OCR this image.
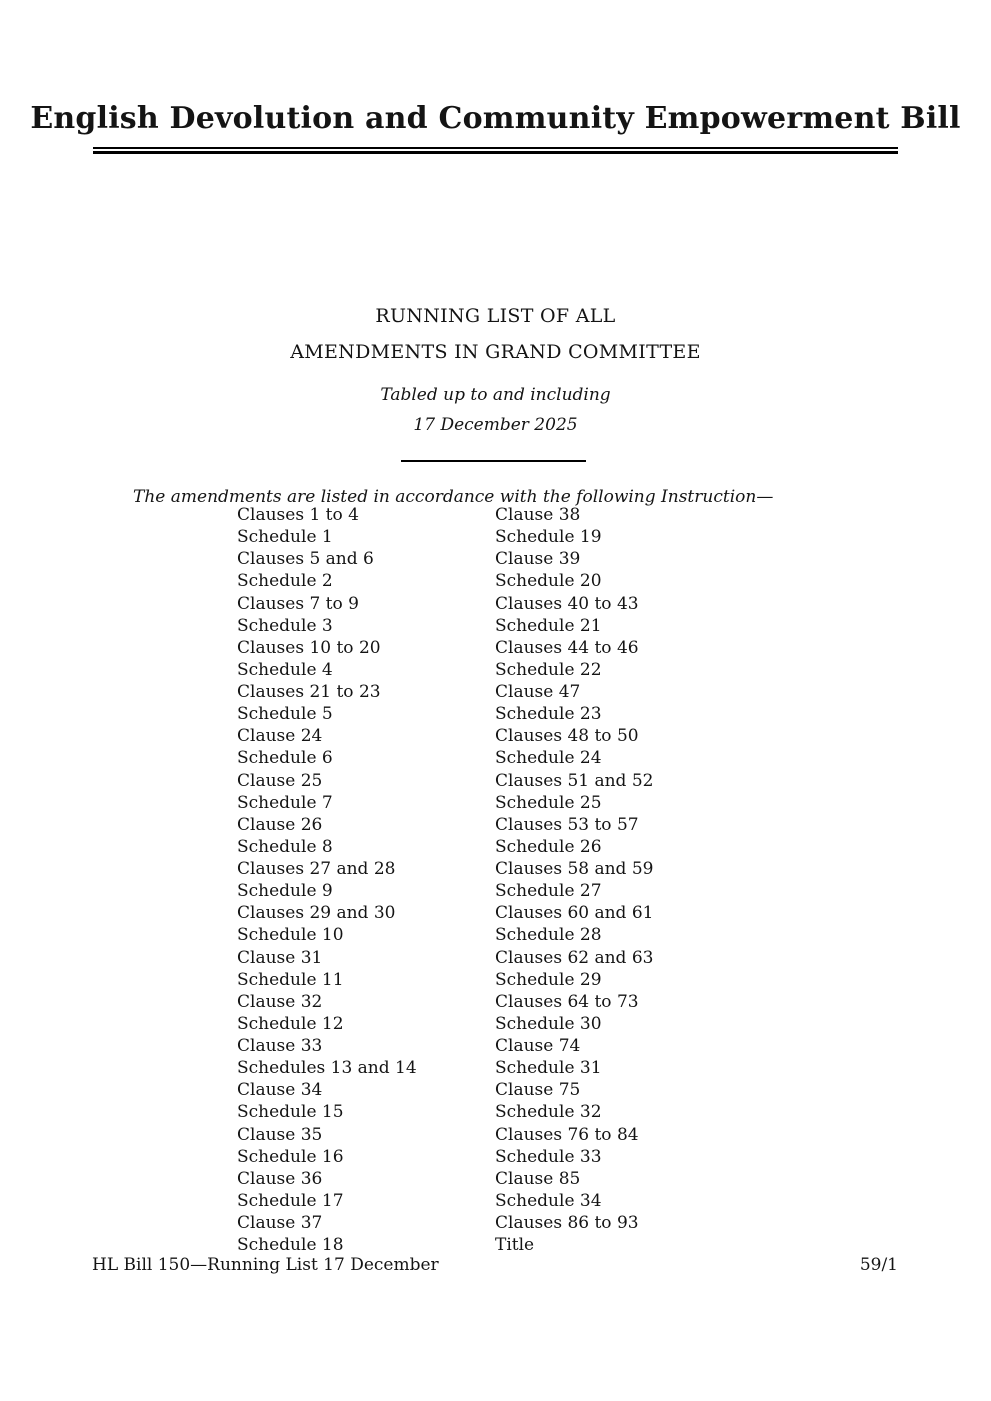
English Devolution and Community Empowerment Bill
RUNNING LIST OF ALL
AMENDMENTS IN GRAND COMMITTEE
Tabled up to and including
17 December 2025
The amendments are listed in accordance with the following Instruction—
Clauses 1 to 4
Schedule 1
Clauses 5 and 6
Schedule 2
Clauses 7 to 9
Schedule 3
Clauses 10 to 20
Schedule 4
Clauses 21 to 23
Schedule 5
Clause 24
Schedule 6
Clause 25
Schedule 7
Clause 26
Schedule 8
Clauses 27 and 28
Schedule 9
Clauses 29 and 30
Schedule 10
Clause 31
Schedule 11
Clause 32
Schedule 12
Clause 33
Schedules 13 and 14
Clause 34
Schedule 15
Clause 35
Schedule 16
Clause 36
Schedule 17
Clause 37
Schedule 18
Clause 38
Schedule 19
Clause 39
Schedule 20
Clauses 40 to 43
Schedule 21
Clauses 44 to 46
Schedule 22
Clause 47
Schedule 23
Clauses 48 to 50
Schedule 24
Clauses 51 and 52
Schedule 25
Clauses 53 to 57
Schedule 26
Clauses 58 and 59
Schedule 27
Clauses 60 and 61
Schedule 28
Clauses 62 and 63
Schedule 29
Clauses 64 to 73
Schedule 30
Clause 74
Schedule 31
Clause 75
Schedule 32
Clauses 76 to 84
Schedule 33
Clause 85
Schedule 34
Clauses 86 to 93
Title
HL Bill 150—Running List 17 December	59/1
